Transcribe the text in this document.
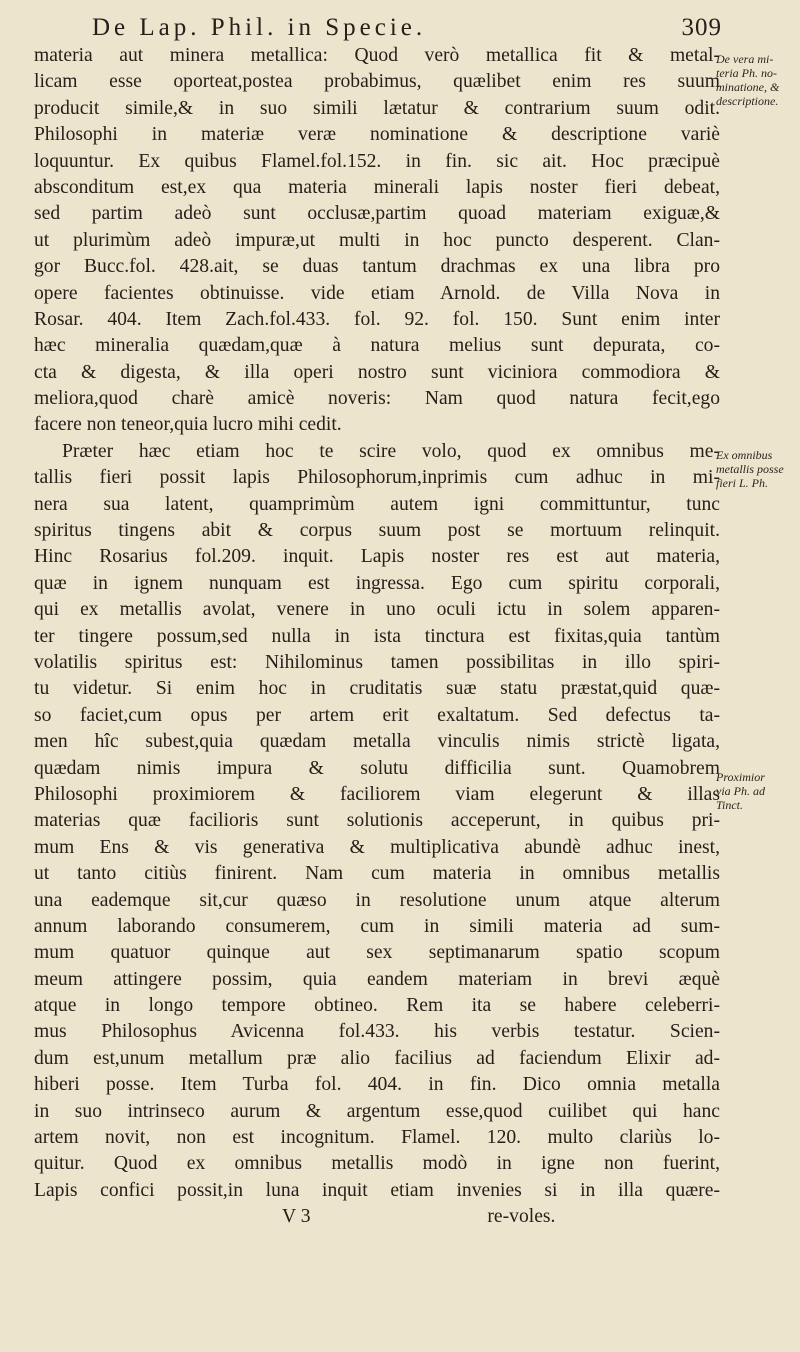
De Lap. Phil. in Specie.	309
materia aut minera metallica: Quod verò metallica fit & metal-
licam esse oporteat,postea probabimus, quælibet enim res suum
producit simile,& in suo simili lætatur & contrarium suum odit.
Philosophi in materiæ veræ nominatione & descriptione variè
loquuntur. Ex quibus Flamel.fol.152. in fin. sic ait. Hoc præcipuè
absconditum est,ex qua materia minerali lapis noster fieri debeat,
sed partim adeò sunt occlusæ,partim quoad materiam exiguæ,&
ut plurimùm adeò impuræ,ut multi in hoc puncto desperent. Clan-
gor Bucc.fol. 428.ait, se duas tantum drachmas ex una libra pro
opere facientes obtinuisse. vide etiam Arnold. de Villa Nova in
Rosar. 404. Item Zach.fol.433. fol. 92. fol. 150. Sunt enim inter
hæc mineralia quædam,quæ à natura melius sunt depurata, co-
cta & digesta, & illa operi nostro sunt viciniora commodiora &
meliora,quod charè amicè noveris: Nam quod natura fecit,ego
facere non teneor,quia lucro mihi cedit.
Præter hæc etiam hoc te scire volo, quod ex omnibus me-
tallis fieri possit lapis Philosophorum,inprimis cum adhuc in mi-
nera sua latent, quamprimùm autem igni committuntur, tunc
spiritus tingens abit & corpus suum post se mortuum relinquit.
Hinc Rosarius fol.209. inquit. Lapis noster res est aut materia,
quæ in ignem nunquam est ingressa. Ego cum spiritu corporali,
qui ex metallis avolat, venere in uno oculi ictu in solem apparen-
ter tingere possum,sed nulla in ista tinctura est fixitas,quia tantùm
volatilis spiritus est: Nihilominus tamen possibilitas in illo spiri-
tu videtur. Si enim hoc in cruditatis suæ statu præstat,quid quæ-
so faciet,cum opus per artem erit exaltatum. Sed defectus ta-
men hîc subest,quia quædam metalla vinculis nimis strictè ligata,
quædam nimis impura & solutu difficilia sunt. Quamobrem
Philosophi proximiorem & faciliorem viam elegerunt & illas
materias quæ facilioris sunt solutionis acceperunt, in quibus pri-
mum Ens & vis generativa & multiplicativa abundè adhuc inest,
ut tanto citiùs finirent. Nam cum materia in omnibus metallis
una eademque sit,cur quæso in resolutione unum atque alterum
annum laborando consumerem, cum in simili materia ad sum-
mum quatuor quinque aut sex septimanarum spatio scopum
meum attingere possim, quia eandem materiam in brevi æquè
atque in longo tempore obtineo. Rem ita se habere celeberri-
mus Philosophus Avicenna fol.433. his verbis testatur. Scien-
dum est,unum metallum præ alio facilius ad faciendum Elixir ad-
hiberi posse. Item Turba fol. 404. in fin. Dico omnia metalla
in suo intrinseco aurum & argentum esse,quod cuilibet qui hanc
artem novit, non est incognitum. Flamel. 120. multo clariùs lo-
quitur. Quod ex omnibus metallis modò in igne non fuerint,
Lapis confici possit,in luna inquit etiam invenies si in illa quære-
V 3	re-voles.
De vera mi-
teria Ph. no-
minatione, &
descriptione.
Ex omnibus
metallis posse
fieri L. Ph.
Proximior
via Ph. ad
Tinct.
